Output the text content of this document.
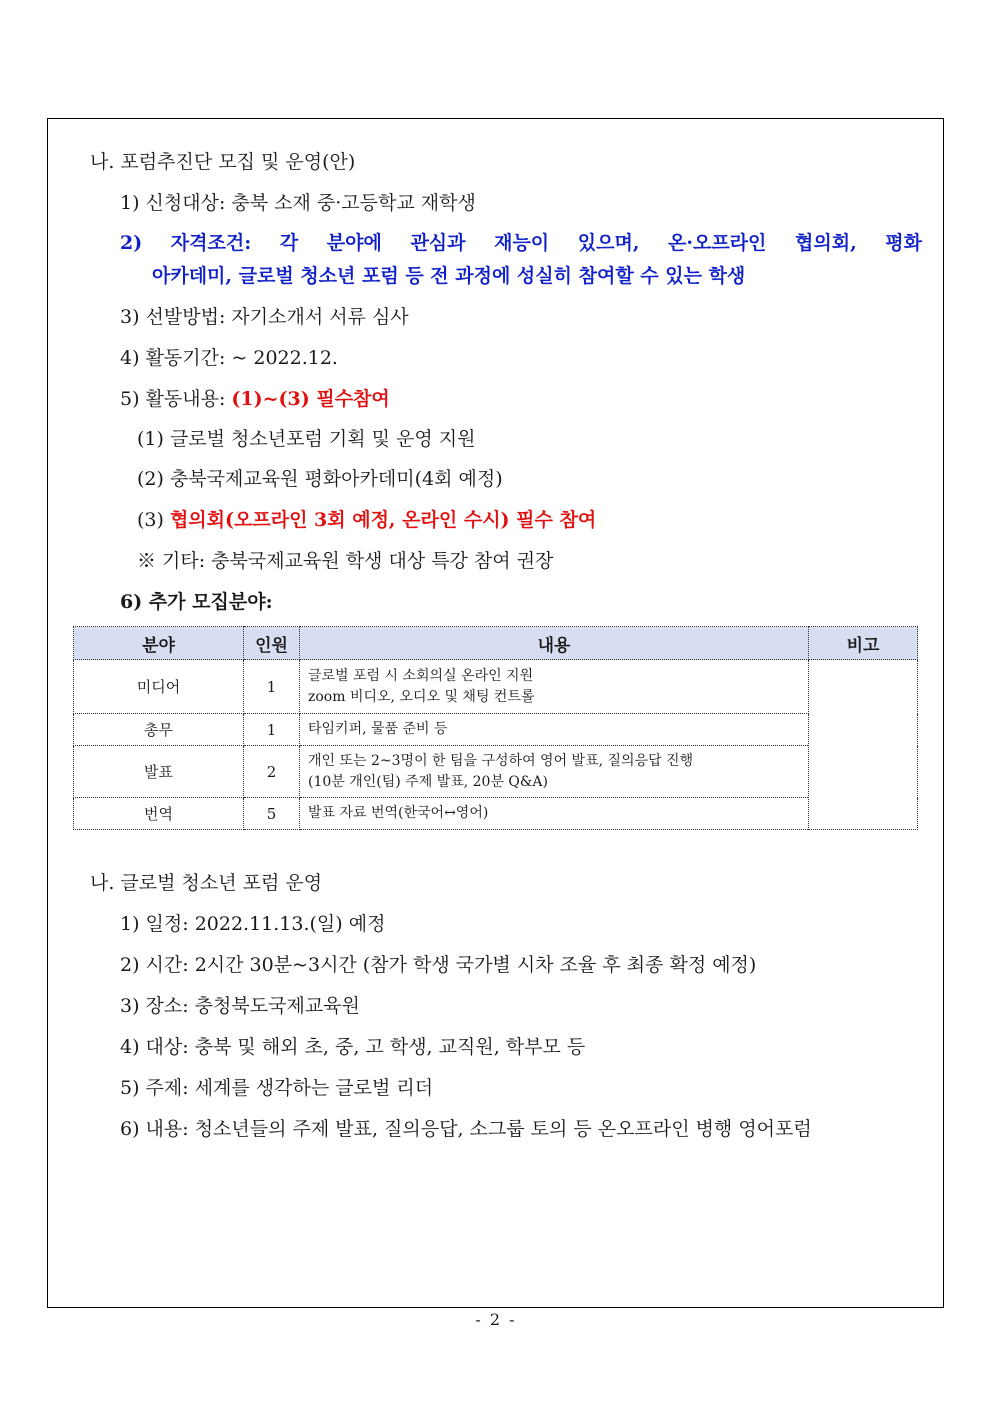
나. 포럼추진단 모집 및 운영(안)
1) 신청대상: 충북 소재 중·고등학교 재학생
2) 자격조건: 각 분야에 관심과 재능이 있으며, 온·오프라인 협의회, 평화
아카데미, 글로벌 청소년 포럼 등 전 과정에 성실히 참여할 수 있는 학생
3) 선발방법: 자기소개서 서류 심사
4) 활동기간: ~ 2022.12.
5) 활동내용: (1)~(3) 필수참여
(1) 글로벌 청소년포럼 기획 및 운영 지원
(2) 충북국제교육원 평화아카데미(4회 예정)
(3) 협의회(오프라인 3회 예정, 온라인 수시) 필수 참여
※ 기타: 충북국제교육원 학생 대상 특강 참여 권장
6) 추가 모집분야:
분야	인원	내용	비고
미디어	1	글로벌 포럼 시 소회의실 온라인 지원
zoom 비디오, 오디오 및 채팅 컨트롤	

총무	1	타임키퍼, 물품 준비 등	
발표	2	개인 또는 2~3명이 한 팀을 구성하여 영어 발표, 질의응답 진행
(10분 개인(팀) 주제 발표, 20분 Q&A)	

번역	5	발표 자료 번역(한국어↔영어)	
나. 글로벌 청소년 포럼 운영
1) 일정: 2022.11.13.(일) 예정
2) 시간: 2시간 30분~3시간 (참가 학생 국가별 시차 조율 후 최종 확정 예정)
3) 장소: 충청북도국제교육원
4) 대상: 충북 및 해외 초, 중, 고 학생, 교직원, 학부모 등
5) 주제: 세계를 생각하는 글로벌 리더
6) 내용: 청소년들의 주제 발표, 질의응답, 소그룹 토의 등 온오프라인 병행 영어포럼
- 2 -
